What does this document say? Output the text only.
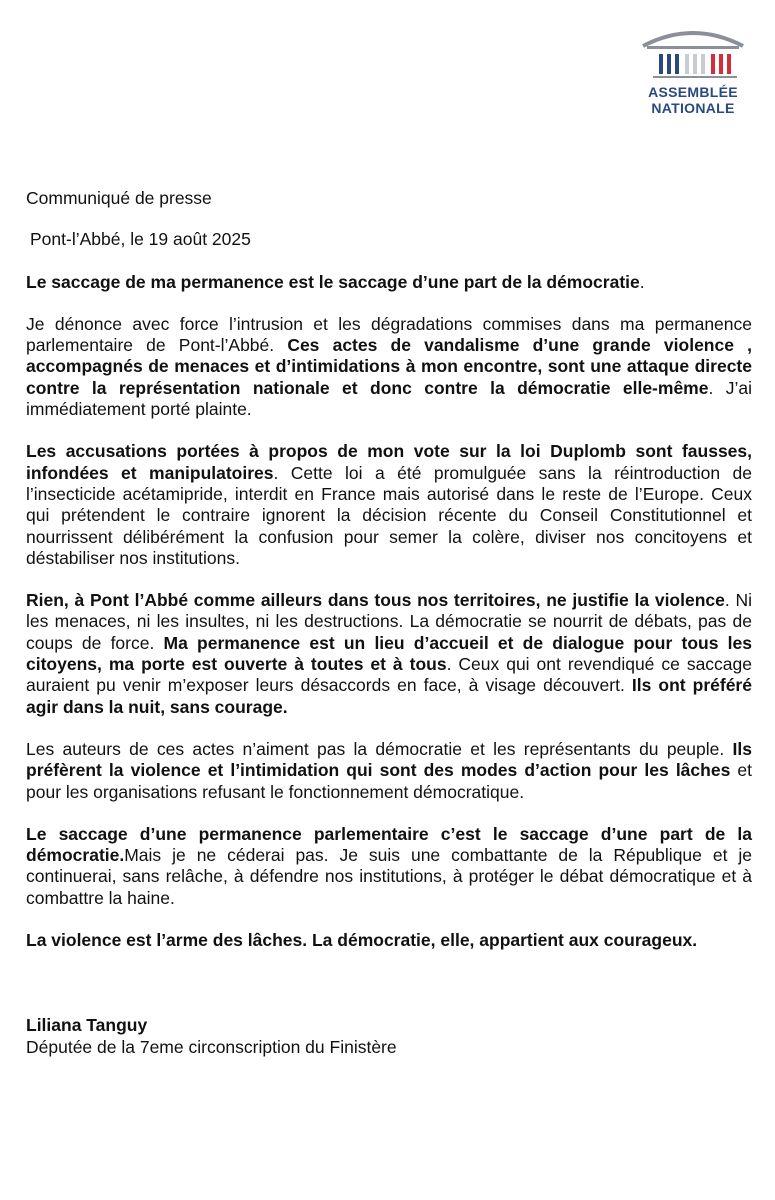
ASSEMBLÉE
NATIONALE

Communiqué de presse

Pont-l’Abbé, le 19 août 2025

Le saccage de ma permanence est le saccage d’une part de la démocratie.

Je dénonce avec force l’intrusion et les dégradations commises dans ma permanence parlementaire de Pont-l’Abbé. Ces actes de vandalisme d’une grande violence , accompagnés de menaces et d’intimidations à mon encontre, sont une attaque directe contre la représentation nationale et donc contre la démocratie elle-même. J’ai immédiatement porté plainte.

Les accusations portées à propos de mon vote sur la loi Duplomb sont fausses, infondées et manipulatoires. Cette loi a été promulguée sans la réintroduction de l’insecticide acétamipride, interdit en France mais autorisé dans le reste de l’Europe. Ceux qui prétendent le contraire ignorent la décision récente du Conseil Constitutionnel et nourrissent délibérément la confusion pour semer la colère, diviser nos concitoyens et déstabiliser nos institutions.

Rien, à Pont l’Abbé comme ailleurs dans tous nos territoires, ne justifie la violence. Ni les menaces, ni les insultes, ni les destructions. La démocratie se nourrit de débats, pas de coups de force. Ma permanence est un lieu d’accueil et de dialogue pour tous les citoyens, ma porte est ouverte à toutes et à tous. Ceux qui ont revendiqué ce saccage auraient pu venir m’exposer leurs désaccords en face, à visage découvert. Ils ont préféré agir dans la nuit, sans courage.

Les auteurs de ces actes n’aiment pas la démocratie et les représentants du peuple. Ils préfèrent la violence et l’intimidation qui sont des modes d’action pour les lâches et pour les organisations refusant le fonctionnement démocratique.

Le saccage d’une permanence parlementaire c’est le saccage d’une part de la démocratie.Mais je ne céderai pas. Je suis une combattante de la République et je continuerai, sans relâche, à défendre nos institutions, à protéger le débat démocratique et à combattre la haine.

La violence est l’arme des lâches. La démocratie, elle, appartient aux courageux.

Liliana Tanguy

Députée de la 7eme circonscription du Finistère
